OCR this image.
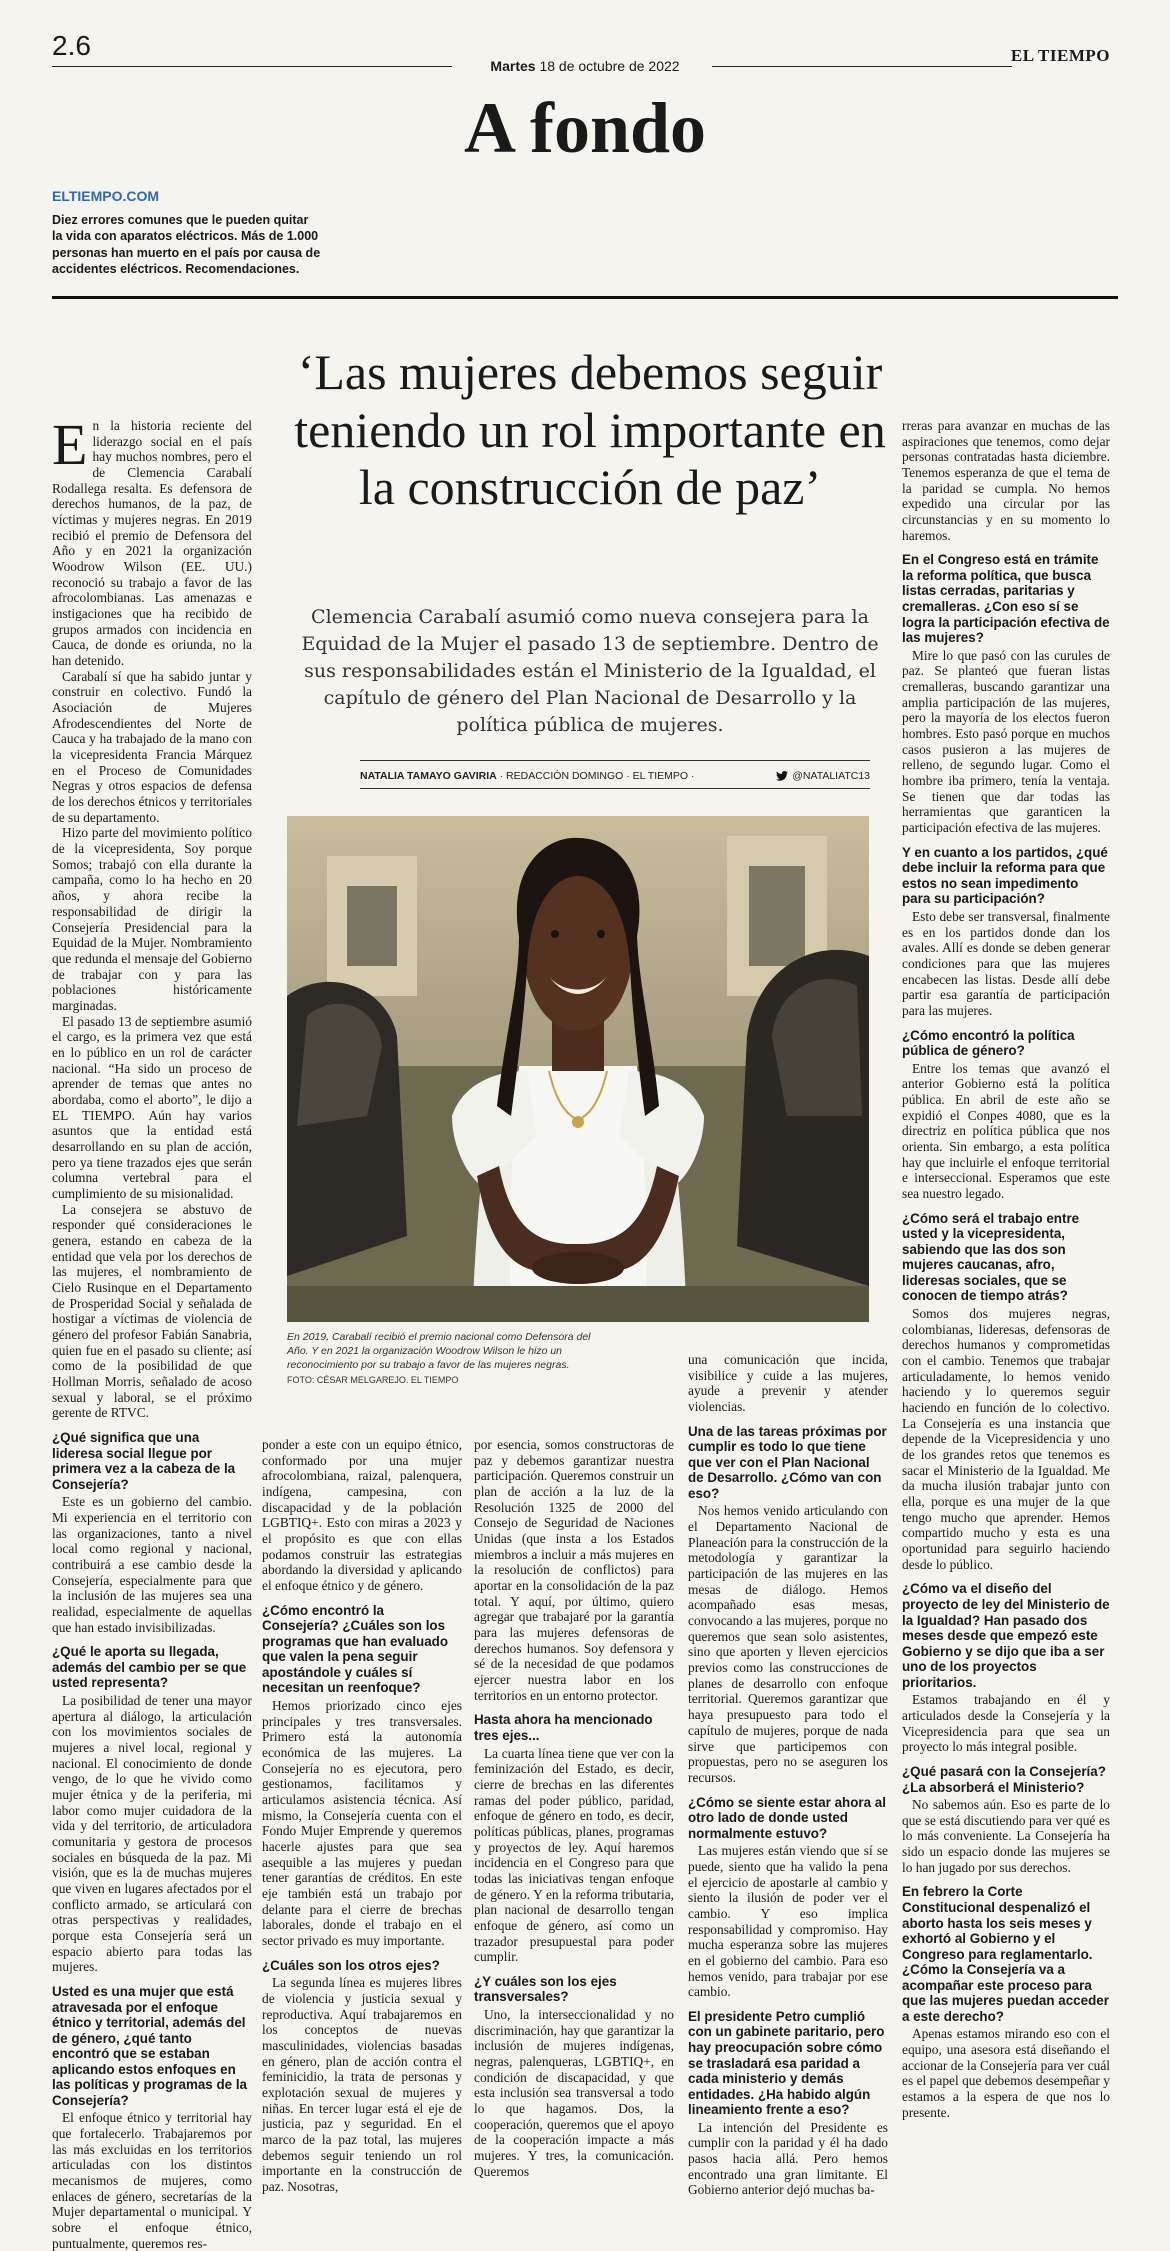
2.6
Martes 18 de octubre de 2022
EL TIEMPO
A fondo
ELTIEMPO.COM
Diez errores comunes que le pueden quitar la vida con aparatos eléctricos. Más de 1.000 personas han muerto en el país por causa de accidentes eléctricos. Recomendaciones.
‘Las mujeres debemos seguir teniendo un rol importante en la construcción de paz’
Clemencia Carabalí asumió como nueva consejera para la Equidad de la Mujer el pasado 13 de septiembre. Dentro de sus responsabilidades están el Ministerio de la Igualdad, el capítulo de género del Plan Nacional de Desarrollo y la política pública de mujeres.
NATALIA TAMAYO GAVIRIA · REDACCIÓN DOMINGO · EL TIEMPO ·	@NATALIATC13
En 2019, Carabalí recibió el premio nacional como Defensora del Año. Y en 2021 la organización Woodrow Wilson le hizo un reconocimiento por su trabajo a favor de las mujeres negras. FOTO: CÉSAR MELGAREJO. EL TIEMPO

En la historia reciente del liderazgo social en el país hay muchos nombres, pero el de Clemencia Carabalí Rodallega resalta. Es defensora de derechos humanos, de la paz, de víctimas y mujeres negras. En 2019 recibió el premio de Defensora del Año y en 2021 la organización Woodrow Wilson (EE. UU.) reconoció su trabajo a favor de las afrocolombianas. Las amenazas e instigaciones que ha recibido de grupos armados con incidencia en Cauca, de donde es oriunda, no la han detenido.

Carabalí sí que ha sabido juntar y construir en colectivo. Fundó la Asociación de Mujeres Afrodescendientes del Norte de Cauca y ha trabajado de la mano con la vicepresidenta Francia Márquez en el Proceso de Comunidades Negras y otros espacios de defensa de los derechos étnicos y territoriales de su departamento.

Hizo parte del movimiento político de la vicepresidenta, Soy porque Somos; trabajó con ella durante la campaña, como lo ha hecho en 20 años, y ahora recibe la responsabilidad de dirigir la Consejería Presidencial para la Equidad de la Mujer. Nombramiento que redunda el mensaje del Gobierno de trabajar con y para las poblaciones históricamente marginadas.

El pasado 13 de septiembre asumió el cargo, es la primera vez que está en lo público en un rol de carácter nacional. “Ha sido un proceso de aprender de temas que antes no abordaba, como el aborto”, le dijo a EL TIEMPO. Aún hay varios asuntos que la entidad está desarrollando en su plan de acción, pero ya tiene trazados ejes que serán columna vertebral para el cumplimiento de su misionalidad.

La consejera se abstuvo de responder qué consideraciones le genera, estando en cabeza de la entidad que vela por los derechos de las mujeres, el nombramiento de Cielo Rusinque en el Departamento de Prosperidad Social y señalada de hostigar a víctimas de violencia de género del profesor Fabián Sanabria, quien fue en el pasado su cliente; así como de la posibilidad de que Hollman Morris, señalado de acoso sexual y laboral, se el próximo gerente de RTVC.

¿Qué significa que una lideresa social llegue por primera vez a la cabeza de la Consejería?

Este es un gobierno del cambio. Mi experiencia en el territorio con las organizaciones, tanto a nivel local como regional y nacional, contribuirá a ese cambio desde la Consejería, especialmente para que la inclusión de las mujeres sea una realidad, especialmente de aquellas que han estado invisibilizadas.

¿Qué le aporta su llegada, además del cambio per se que usted representa?

La posibilidad de tener una mayor apertura al diálogo, la articulación con los movimientos sociales de mujeres a nivel local, regional y nacional. El conocimiento de donde vengo, de lo que he vivido como mujer étnica y de la periferia, mi labor como mujer cuidadora de la vida y del territorio, de articuladora comunitaria y gestora de procesos sociales en búsqueda de la paz. Mi visión, que es la de muchas mujeres que viven en lugares afectados por el conflicto armado, se articulará con otras perspectivas y realidades, porque esta Consejería será un espacio abierto para todas las mujeres.

Usted es una mujer que está atravesada por el enfoque étnico y territorial, además del de género, ¿qué tanto encontró que se estaban aplicando estos enfoques en las políticas y programas de la Consejería?

El enfoque étnico y territorial hay que fortalecerlo. Trabajaremos por las más excluidas en los territorios articuladas con los distintos mecanismos de mujeres, como enlaces de género, secretarías de la Mujer departamental o municipal. Y sobre el enfoque étnico, puntualmente, queremos res-

ponder a este con un equipo étnico, conformado por una mujer afrocolombiana, raizal, palenquera, indígena, campesina, con discapacidad y de la población LGBTIQ+. Esto con miras a 2023 y el propósito es que con ellas podamos construir las estrategias abordando la diversidad y aplicando el enfoque étnico y de género.

¿Cómo encontró la Consejería? ¿Cuáles son los programas que han evaluado que valen la pena seguir apostándole y cuáles sí necesitan un reenfoque?

Hemos priorizado cinco ejes principales y tres transversales. Primero está la autonomía económica de las mujeres. La Consejería no es ejecutora, pero gestionamos, facilitamos y articulamos asistencia técnica. Así mismo, la Consejería cuenta con el Fondo Mujer Emprende y queremos hacerle ajustes para que sea asequible a las mujeres y puedan tener garantías de créditos. En este eje también está un trabajo por delante para el cierre de brechas laborales, donde el trabajo en el sector privado es muy importante.

¿Cuáles son los otros ejes?

La segunda línea es mujeres libres de violencia y justicia sexual y reproductiva. Aquí trabajaremos en los conceptos de nuevas masculinidades, violencias basadas en género, plan de acción contra el feminicidio, la trata de personas y explotación sexual de mujeres y niñas. En tercer lugar está el eje de justicia, paz y seguridad. En el marco de la paz total, las mujeres debemos seguir teniendo un rol importante en la construcción de paz. Nosotras,

por esencia, somos constructoras de paz y debemos garantizar nuestra participación. Queremos construir un plan de acción a la luz de la Resolución 1325 de 2000 del Consejo de Seguridad de Naciones Unidas (que insta a los Estados miembros a incluir a más mujeres en la resolución de conflictos) para aportar en la consolidación de la paz total. Y aquí, por último, quiero agregar que trabajaré por la garantía para las mujeres defensoras de derechos humanos. Soy defensora y sé de la necesidad de que podamos ejercer nuestra labor en los territorios en un entorno protector.

Hasta ahora ha mencionado tres ejes...

La cuarta línea tiene que ver con la feminización del Estado, es decir, cierre de brechas en las diferentes ramas del poder público, paridad, enfoque de género en todo, es decir, políticas públicas, planes, programas y proyectos de ley. Aquí haremos incidencia en el Congreso para que todas las iniciativas tengan enfoque de género. Y en la reforma tributaria, plan nacional de desarrollo tengan enfoque de género, así como un trazador presupuestal para poder cumplir.

¿Y cuáles son los ejes transversales?

Uno, la interseccionalidad y no discriminación, hay que garantizar la inclusión de mujeres indígenas, negras, palenqueras, LGBTIQ+, en condición de discapacidad, y que esta inclusión sea transversal a todo lo que hagamos. Dos, la cooperación, queremos que el apoyo de la cooperación impacte a más mujeres. Y tres, la comunicación. Queremos

una comunicación que incida, visibilice y cuide a las mujeres, ayude a prevenir y atender violencias.

Una de las tareas próximas por cumplir es todo lo que tiene que ver con el Plan Nacional de Desarrollo. ¿Cómo van con eso?

Nos hemos venido articulando con el Departamento Nacional de Planeación para la construcción de la metodología y garantizar la participación de las mujeres en las mesas de diálogo. Hemos acompañado esas mesas, convocando a las mujeres, porque no queremos que sean solo asistentes, sino que aporten y lleven ejercicios previos como las construcciones de planes de desarrollo con enfoque territorial. Queremos garantizar que haya presupuesto para todo el capítulo de mujeres, porque de nada sirve que participemos con propuestas, pero no se aseguren los recursos.

¿Cómo se siente estar ahora al otro lado de donde usted normalmente estuvo?

Las mujeres están viendo que sí se puede, siento que ha valido la pena el ejercicio de apostarle al cambio y siento la ilusión de poder ver el cambio. Y eso implica responsabilidad y compromiso. Hay mucha esperanza sobre las mujeres en el gobierno del cambio. Para eso hemos venido, para trabajar por ese cambio.

El presidente Petro cumplió con un gabinete paritario, pero hay preocupación sobre cómo se trasladará esa paridad a cada ministerio y demás entidades. ¿Ha habido algún lineamiento frente a eso?

La intención del Presidente es cumplir con la paridad y él ha dado pasos hacia allá. Pero hemos encontrado una gran limitante. El Gobierno anterior dejó muchas ba-

rreras para avanzar en muchas de las aspiraciones que tenemos, como dejar personas contratadas hasta diciembre. Tenemos esperanza de que el tema de la paridad se cumpla. No hemos expedido una circular por las circunstancias y en su momento lo haremos.

En el Congreso está en trámite la reforma política, que busca listas cerradas, paritarias y cremalleras. ¿Con eso sí se logra la participación efectiva de las mujeres?

Mire lo que pasó con las curules de paz. Se planteó que fueran listas cremalleras, buscando garantizar una amplia participación de las mujeres, pero la mayoría de los electos fueron hombres. Esto pasó porque en muchos casos pusieron a las mujeres de relleno, de segundo lugar. Como el hombre iba primero, tenía la ventaja. Se tienen que dar todas las herramientas que garanticen la participación efectiva de las mujeres.

Y en cuanto a los partidos, ¿qué debe incluir la reforma para que estos no sean impedimento para su participación?

Esto debe ser transversal, finalmente es en los partidos donde dan los avales. Allí es donde se deben generar condiciones para que las mujeres encabecen las listas. Desde allí debe partir esa garantía de participación para las mujeres.

¿Cómo encontró la política pública de género?

Entre los temas que avanzó el anterior Gobierno está la política pública. En abril de este año se expidió el Conpes 4080, que es la directriz en política pública que nos orienta. Sin embargo, a esta política hay que incluirle el enfoque territorial e interseccional. Esperamos que este sea nuestro legado.

¿Cómo será el trabajo entre usted y la vicepresidenta, sabiendo que las dos son mujeres caucanas, afro, lideresas sociales, que se conocen de tiempo atrás?

Somos dos mujeres negras, colombianas, lideresas, defensoras de derechos humanos y comprometidas con el cambio. Tenemos que trabajar articuladamente, lo hemos venido haciendo y lo queremos seguir haciendo en función de lo colectivo. La Consejería es una instancia que depende de la Vicepresidencia y uno de los grandes retos que tenemos es sacar el Ministerio de la Igualdad. Me da mucha ilusión trabajar junto con ella, porque es una mujer de la que tengo mucho que aprender. Hemos compartido mucho y esta es una oportunidad para seguirlo haciendo desde lo público.

¿Cómo va el diseño del proyecto de ley del Ministerio de la Igualdad? Han pasado dos meses desde que empezó este Gobierno y se dijo que iba a ser uno de los proyectos prioritarios.

Estamos trabajando en él y articulados desde la Consejería y la Vicepresidencia para que sea un proyecto lo más integral posible.

¿Qué pasará con la Consejería? ¿La absorberá el Ministerio?

No sabemos aún. Eso es parte de lo que se está discutiendo para ver qué es lo más conveniente. La Consejería ha sido un espacio donde las mujeres se lo han jugado por sus derechos.

En febrero la Corte Constitucional despenalizó el aborto hasta los seis meses y exhortó al Gobierno y el Congreso para reglamentarlo. ¿Cómo la Consejería va a acompañar este proceso para que las mujeres puedan acceder a este derecho?

Apenas estamos mirando eso con el equipo, una asesora está diseñando el accionar de la Consejería para ver cuál es el papel que debemos desempeñar y estamos a la espera de que nos lo presente.
